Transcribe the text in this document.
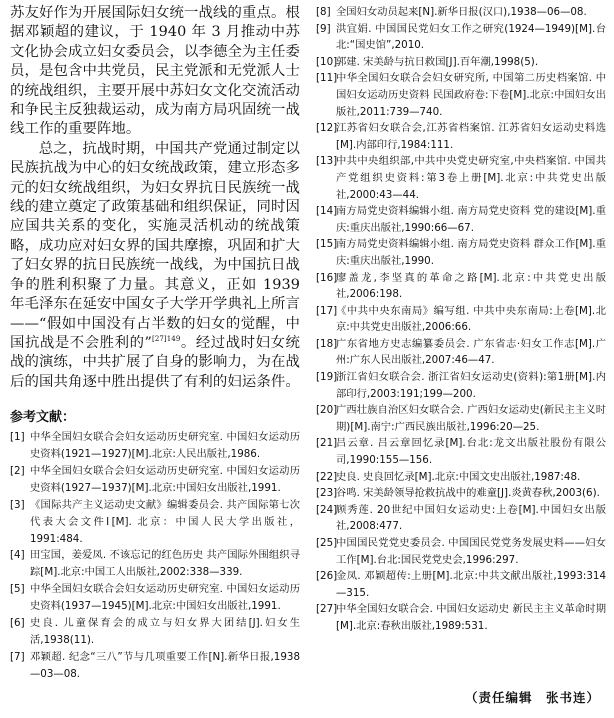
苏友好作为开展国际妇女统一战线的重点。根据邓颖超的建议，于 1940 年 3 月推动中苏文化协会成立妇女委员会，以李德全为主任委员，是包含中共党员，民主党派和无党派人士的统战组织，主要开展中苏妇女文化交流活动和争民主反独裁运动，成为南方局巩固统一战线工作的重要阵地。

总之，抗战时期，中国共产党通过制定以民族抗战为中心的妇女统战政策，建立形态多元的妇女统战组织，为妇女界抗日民族统一战线的建立奠定了政策基础和组织保证，同时因应国共关系的变化，实施灵活机动的统战策略，成功应对妇女界的国共摩擦，巩固和扩大了妇女界的抗日民族统一战线，为中国抗日战争的胜利积聚了力量。其意义，正如 1939 年毛泽东在延安中国女子大学开学典礼上所言——“假如中国没有占半数的妇女的觉醒，中国抗战是不会胜利的”$^{[27]149}$。经过战时妇女统战的演练，中共扩展了自身的影响力，为在战后的国共角逐中胜出提供了有利的妇运条件。

参考文献：
[1] 中华全国妇女联合会妇女运动历史研究室. 中国妇女运动历史资料(1921—1927)[M].北京:人民出版社,1986.
[2] 中华全国妇女联合会妇女运动历史研究室. 中国妇女运动历史资料(1927—1937)[M].北京:中国妇女出版社,1991.
[3] 《国际共产主义运动史文献》编辑委员会. 共产国际第七次代表大会文件Ⅰ[M]. 北京：中国人民大学出版社，1991:484.
[4] 田宝国，姜爱凤. 不该忘记的红色历史 共产国际外围组织寻踪[M].北京:中国工人出版社,2002:338—339.
[5] 中华全国妇女联合会妇女运动历史研究室. 中国妇女运动历史资料(1937—1945)[M].北京:中国妇女出版社,1991.
[6] 史良. 儿童保育会的成立与妇女界大团结[J].妇女生活,1938(11).
[7] 邓颖超. 纪念“三八”节与几项重要工作[N].新华日报,1938—03—08.
[8] 全国妇女动员起来[N].新华日报(汉口),1938—06—08.
[9] 洪宜娟. 中国国民党妇女工作之研究(1924—1949)[M].台北:“国史馆”,2010.
[10]
郭建. 宋美龄与抗日救国[J].百年潮,1998(5).
[11]
中华全国妇女联合会妇女研究所, 中国第二历史档案馆. 中国妇女运动历史资料 民国政府卷:下卷[M].北京:中国妇女出版社,2011:739—740.
[12]
江苏省妇女联合会,江苏省档案馆. 江苏省妇女运动史料选[M].内部印行,1984:111.
[13]
中共中央组织部,中共中央党史研究室,中央档案馆. 中国共产党组织史资料:第3卷上册[M].北京:中共党史出版社,2000:43—44.
[14]
南方局党史资料编辑小组. 南方局党史资料 党的建设[M].重庆:重庆出版社,1990:66—67.
[15]
南方局党史资料编辑小组. 南方局党史资料 群众工作[M].重庆:重庆出版社,1990.
[16]
廖盖龙,李坚真的革命之路[M].北京:中共党史出版社,2006:198.
[17]
《中共中央东南局》编写组. 中共中央东南局:上卷[M].北京:中共党史出版社,2006:66.
[18]
广东省地方史志编纂委员会. 广东省志·妇女工作志[M].广州:广东人民出版社,2007:46—47.
[19]
浙江省妇女联合会. 浙江省妇女运动史(资料):第1册[M].内部印行,2003:191;199—200.
[20]
广西壮族自治区妇女联合会. 广西妇女运动史(新民主主义时期)[M].南宁:广西民族出版社,1996:20—25.
[21]
吕云章. 吕云章回忆录[M].台北:龙文出版社股份有限公司,1990:155—156.
[22]
史良. 史良回忆录[M].北京:中国文史出版社,1987:48.
[23]
谷鸣. 宋美龄领导抢救抗战中的难童[J].炎黄春秋,2003(6).
[24]
顾秀莲. 20世纪中国妇女运动史:上卷[M].中国妇女出版社,2008:477.
[25]
中国国民党党史委员会. 中国国民党党务发展史料——妇女工作[M].台北:国民党党史会,1996:297.
[26]
金凤. 邓颖超传:上册[M].北京:中共文献出版社,1993:314—315.
[27]
中华全国妇女联合会. 中国妇女运动史 新民主主义革命时期[M].北京:春秋出版社,1989:531.
（责任编辑　张书连）
